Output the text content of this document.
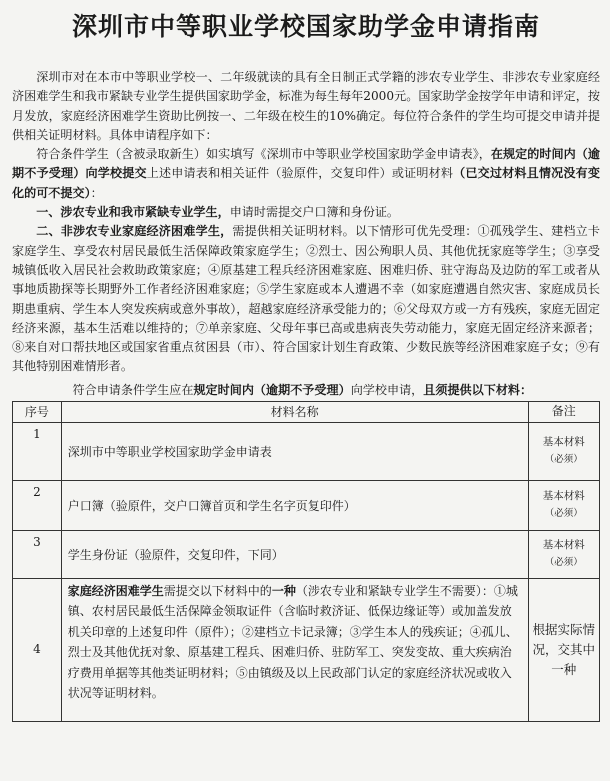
深圳市中等职业学校国家助学金申请指南

深圳市对在本市中等职业学校一、二年级就读的具有全日制正式学籍的涉农专业学生、非涉农专业家庭经济困难学生和我市紧缺专业学生提供国家助学金，标准为每生每年2000元。国家助学金按学年申请和评定，按月发放，家庭经济困难学生资助比例按一、二年级在校生的10%确定。每位符合条件的学生均可提交申请并提供相关证明材料。具体申请程序如下：

符合条件学生（含被录取新生）如实填写《深圳市中等职业学校国家助学金申请表》，在规定的时间内（逾期不予受理）向学校提交上述申请表和相关证件（验原件，交复印件）或证明材料（已交过材料且情况没有变化的可不提交）：

一、涉农专业和我市紧缺专业学生，申请时需提交户口簿和身份证。

二、非涉农专业家庭经济困难学生，需提供相关证明材料。以下情形可优先受理：①孤残学生、建档立卡家庭学生、享受农村居民最低生活保障政策家庭学生；②烈士、因公殉职人员、其他优抚家庭等学生；③享受城镇低收入居民社会救助政策家庭；④原基建工程兵经济困难家庭、困难归侨、驻守海岛及边防的军工或者从事地质勘探等长期野外工作者经济困难家庭；⑤学生家庭或本人遭遇不幸（如家庭遭遇自然灾害、家庭成员长期患重病、学生本人突发疾病或意外事故），超越家庭经济承受能力的；⑥父母双方或一方有残疾，家庭无固定经济来源，基本生活难以维持的；⑦单亲家庭、父母年事已高或患病丧失劳动能力，家庭无固定经济来源者；⑧来自对口帮扶地区或国家省重点贫困县（市）、符合国家计划生育政策、少数民族等经济困难家庭子女；⑨有其他特别困难情形者。

符合申请条件学生应在规定时间内（逾期不予受理）向学校申请，且须提供以下材料：
序号	材料名称	备注
1	深圳市中等职业学校国家助学金申请表	基本材料
（必须）

2	户口簿（验原件，交户口簿首页和学生名字页复印件）	基本材料
（必须）

3	学生身份证（验原件，交复印件，下同）	基本材料
（必须）

4	家庭经济困难学生需提交以下材料中的一种（涉农专业和紧缺专业学生不需要）：①城镇、农村居民最低生活保障金领取证件（含临时救济证、低保边缘证等）或加盖发放机关印章的上述复印件（原件）；②建档立卡记录簿；③学生本人的残疾证；④孤儿、烈士及其他优抚对象、原基建工程兵、困难归侨、驻防军工、突发变故、重大疾病治疗费用单据等其他类证明材料；⑤由镇级及以上民政部门认定的家庭经济状况或收入状况等证明材料。	根据实际情况，交其中一种
